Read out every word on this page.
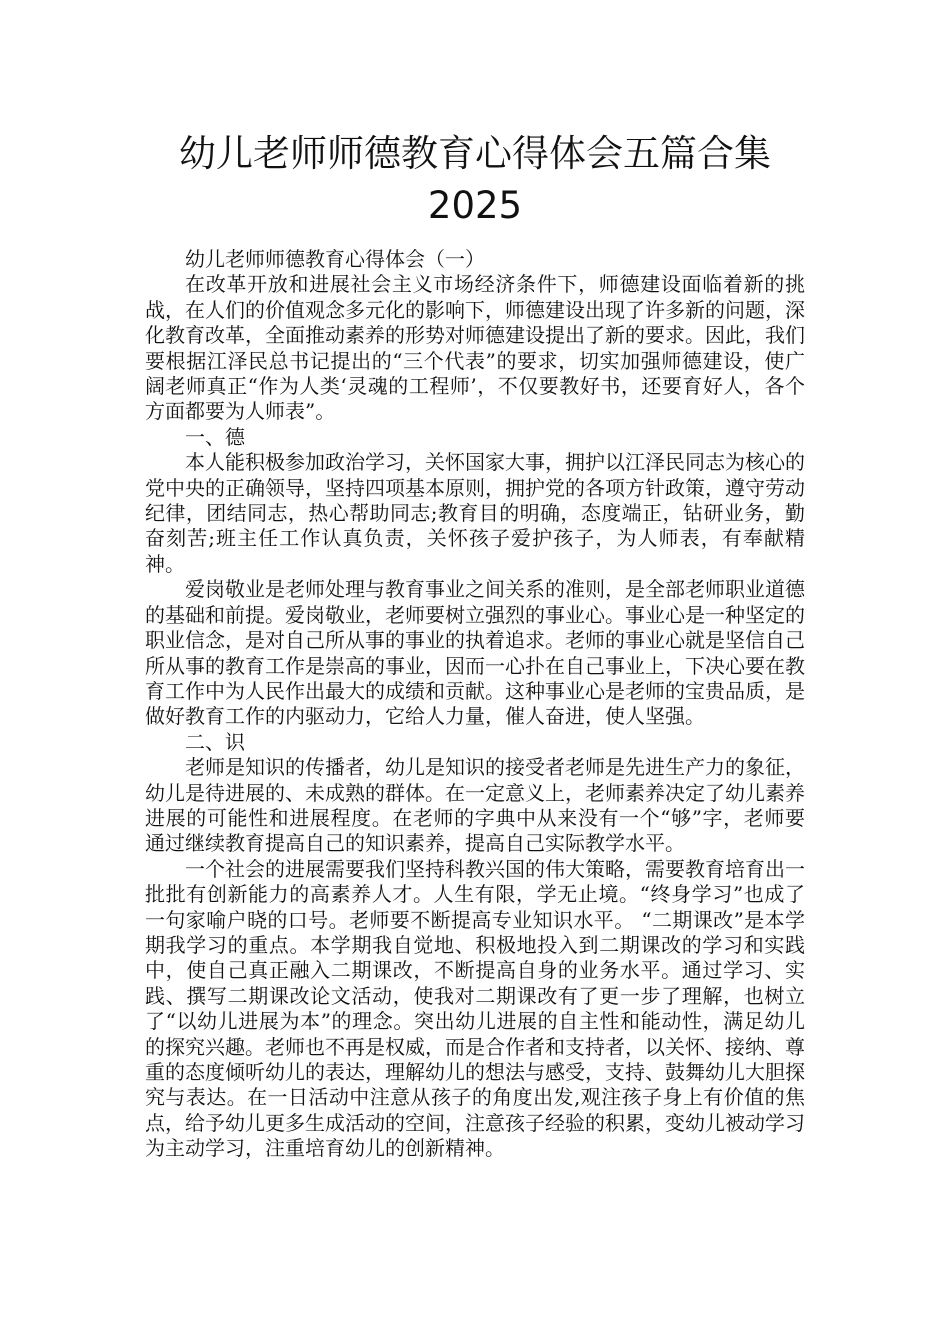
幼儿老师师德教育心得体会五篇合集
2025

幼儿老师师德教育心得体会（一）

在改革开放和进展社会主义市场经济条件下，师德建设面临着新的挑战，在人们的价值观念多元化的影响下，师德建设出现了许多新的问题，深化教育改革，全面推动素养的形势对师德建设提出了新的要求。因此，我们要根据江泽民总书记提出的“三个代表”的要求，切实加强师德建设，使广阔老师真正“作为人类‘灵魂的工程师’，不仅要教好书，还要育好人，各个方面都要为人师表”。

一、德

本人能积极参加政治学习，关怀国家大事，拥护以江泽民同志为核心的党中央的正确领导，坚持四项基本原则，拥护党的各项方针政策，遵守劳动纪律，团结同志，热心帮助同志;教育目的明确，态度端正，钻研业务，勤奋刻苦;班主任工作认真负责，关怀孩子爱护孩子，为人师表，有奉献精神。

爱岗敬业是老师处理与教育事业之间关系的准则，是全部老师职业道德的基础和前提。爱岗敬业，老师要树立强烈的事业心。事业心是一种坚定的职业信念，是对自己所从事的事业的执着追求。老师的事业心就是坚信自己所从事的教育工作是崇高的事业，因而一心扑在自己事业上，下决心要在教育工作中为人民作出最大的成绩和贡献。这种事业心是老师的宝贵品质，是做好教育工作的内驱动力，它给人力量，催人奋进，使人坚强。

二、识

老师是知识的传播者，幼儿是知识的接受者老师是先进生产力的象征，幼儿是待进展的、未成熟的群体。在一定意义上，老师素养决定了幼儿素养进展的可能性和进展程度。在老师的字典中从来没有一个“够”字，老师要通过继续教育提高自己的知识素养，提高自己实际教学水平。

一个社会的进展需要我们坚持科教兴国的伟大策略，需要教育培育出一批批有创新能力的高素养人才。人生有限，学无止境。“终身学习”也成了一句家喻户晓的口号。老师要不断提高专业知识水平。 “二期课改”是本学期我学习的重点。本学期我自觉地、积极地投入到二期课改的学习和实践中，使自己真正融入二期课改，不断提高自身的业务水平。通过学习、实践、撰写二期课改论文活动，使我对二期课改有了更一步了理解，也树立了“以幼儿进展为本”的理念。突出幼儿进展的自主性和能动性，满足幼儿的探究兴趣。老师也不再是权威，而是合作者和支持者，以关怀、接纳、尊重的态度倾听幼儿的表达，理解幼儿的想法与感受，支持、鼓舞幼儿大胆探究与表达。在一日活动中注意从孩子的角度出发,观注孩子身上有价值的焦点，给予幼儿更多生成活动的空间，注意孩子经验的积累，变幼儿被动学习为主动学习，注重培育幼儿的创新精神。
